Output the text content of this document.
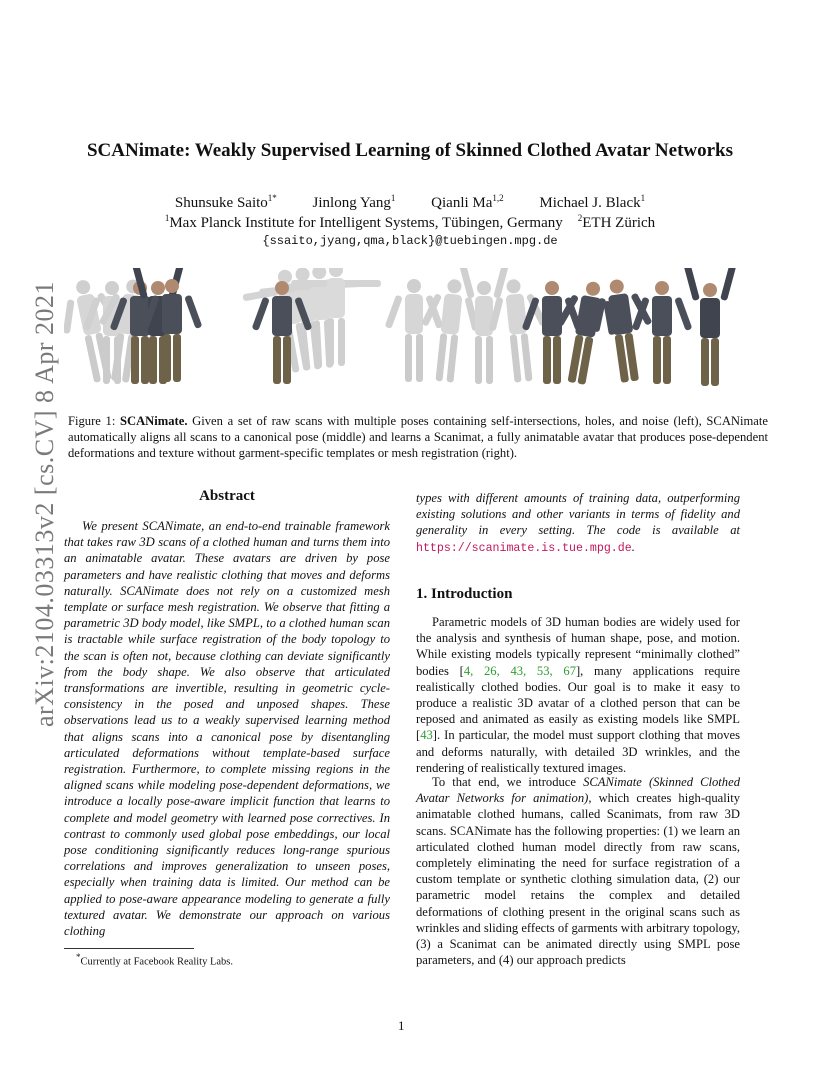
arXiv:2104.03313v2 [cs.CV] 8 Apr 2021
SCANimate: Weakly Supervised Learning of Skinned Clothed Avatar Networks
Shunsuke Saito$^{1*}$ Jinlong Yang$^1$ Qianli Ma$^{1,2}$ Michael J. Black$^1$
$^1$Max Planck Institute for Intelligent Systems, Tübingen, Germany $^2$ETH Zürich
{ssaito,jyang,qma,black}@tuebingen.mpg.de
Figure 1: SCANimate. Given a set of raw scans with multiple poses containing self-intersections, holes, and noise (left), SCANimate automatically aligns all scans to a canonical pose (middle) and learns a Scanimat, a fully animatable avatar that produces pose-dependent deformations and texture without garment-specific templates or mesh registration (right).
Abstract

We present SCANimate, an end-to-end trainable framework that takes raw 3D scans of a clothed human and turns them into an animatable avatar. These avatars are driven by pose parameters and have realistic clothing that moves and deforms naturally. SCANimate does not rely on a customized mesh template or surface mesh registration. We observe that fitting a parametric 3D body model, like SMPL, to a clothed human scan is tractable while surface registration of the body topology to the scan is often not, because clothing can deviate significantly from the body shape. We also observe that articulated transformations are invertible, resulting in geometric cycle-consistency in the posed and unposed shapes. These observations lead us to a weakly supervised learning method that aligns scans into a canonical pose by disentangling articulated deformations without template-based surface registration. Furthermore, to complete missing regions in the aligned scans while modeling pose-dependent deformations, we introduce a locally pose-aware implicit function that learns to complete and model geometry with learned pose correctives. In contrast to commonly used global pose embeddings, our local pose conditioning significantly reduces long-range spurious correlations and improves generalization to unseen poses, especially when training data is limited. Our method can be applied to pose-aware appearance modeling to generate a fully textured avatar. We demonstrate our approach on various clothing

types with different amounts of training data, outperforming existing solutions and other variants in terms of fidelity and generality in every setting. The code is available at https://scanimate.is.tue.mpg.de.

1. Introduction

Parametric models of 3D human bodies are widely used for the analysis and synthesis of human shape, pose, and motion. While existing models typically represent “minimally clothed” bodies [4, 26, 43, 53, 67], many applications require realistically clothed bodies. Our goal is to make it easy to produce a realistic 3D avatar of a clothed person that can be reposed and animated as easily as existing models like SMPL [43]. In particular, the model must support clothing that moves and deforms naturally, with detailed 3D wrinkles, and the rendering of realistically textured images.

To that end, we introduce SCANimate (Skinned Clothed Avatar Networks for animation), which creates high-quality animatable clothed humans, called Scanimats, from raw 3D scans. SCANimate has the following properties: (1) we learn an articulated clothed human model directly from raw scans, completely eliminating the need for surface registration of a custom template or synthetic clothing simulation data, (2) our parametric model retains the complex and detailed deformations of clothing present in the original scans such as wrinkles and sliding effects of garments with arbitrary topology, (3) a Scanimat can be animated directly using SMPL pose parameters, and (4) our approach predicts

*Currently at Facebook Reality Labs.
1
